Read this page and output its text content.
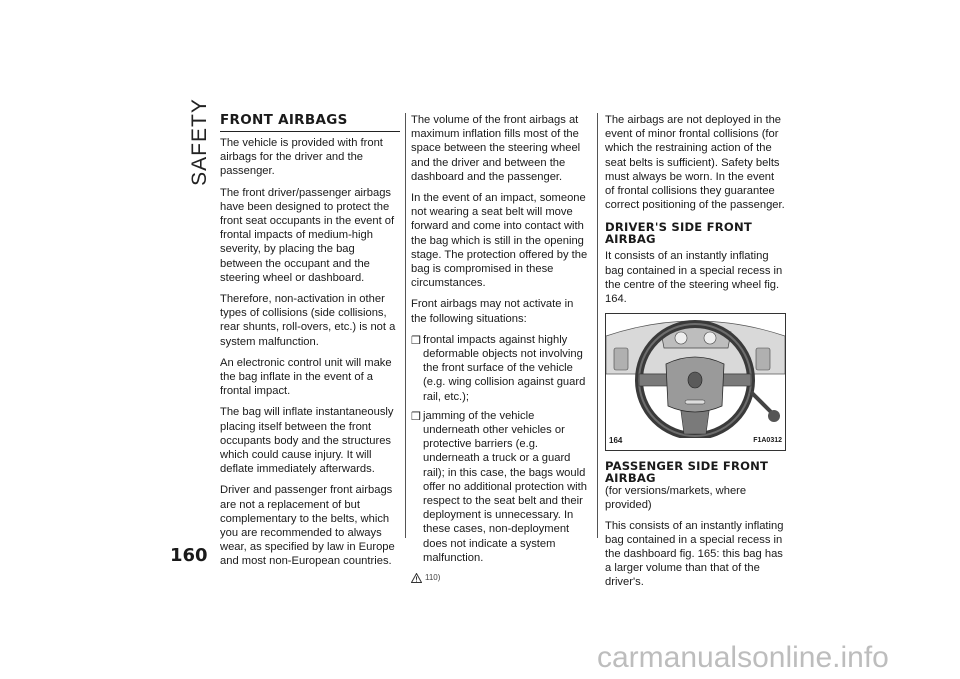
SAFETY FRONT AIRBAGS

The vehicle is provided with front airbags for the driver and the passenger.

The front driver/passenger airbags have been designed to protect the front seat occupants in the event of frontal impacts of medium-high severity, by placing the bag between the occupant and the steering wheel or dashboard.

Therefore, non-activation in other types of collisions (side collisions, rear shunts, roll-overs, etc.) is not a system malfunction.

An electronic control unit will make the bag inflate in the event of a frontal impact.

The bag will inflate instantaneously placing itself between the front occupants body and the structures which could cause injury. It will deflate immediately afterwards.

Driver and passenger front airbags are not a replacement of but complementary to the belts, which you are recommended to always wear, as specified by law in Europe and most non-European countries.

The volume of the front airbags at maximum inflation fills most of the space between the steering wheel and the driver and between the dashboard and the passenger.

In the event of an impact, someone not wearing a seat belt will move forward and come into contact with the bag which is still in the opening stage. The protection offered by the bag is compromised in these circumstances.

Front airbags may not activate in the following situations:

❒ frontal impacts against highly deformable objects not involving the front surface of the vehicle (e.g. wing collision against guard rail, etc.);
❒ jamming of the vehicle underneath other vehicles or protective barriers (e.g. underneath a truck or a guard rail); in this case, the bags would offer no additional protection with respect to the seat belt and their deployment is unnecessary. In these cases, non-deployment does not indicate a system malfunction.
110)

The airbags are not deployed in the event of minor frontal collisions (for which the restraining action of the seat belts is sufficient). Safety belts must always be worn. In the event of frontal collisions they guarantee correct positioning of the passenger.

DRIVER'S SIDE FRONT AIRBAG

It consists of an instantly inflating bag contained in a special recess in the centre of the steering wheel fig. 164.

164	F1A0312
PASSENGER SIDE FRONT AIRBAG

(for versions/markets, where provided)

This consists of an instantly inflating bag contained in a special recess in the dashboard fig. 165: this bag has a larger volume than that of the driver's.

160
carmanualsonline.info
